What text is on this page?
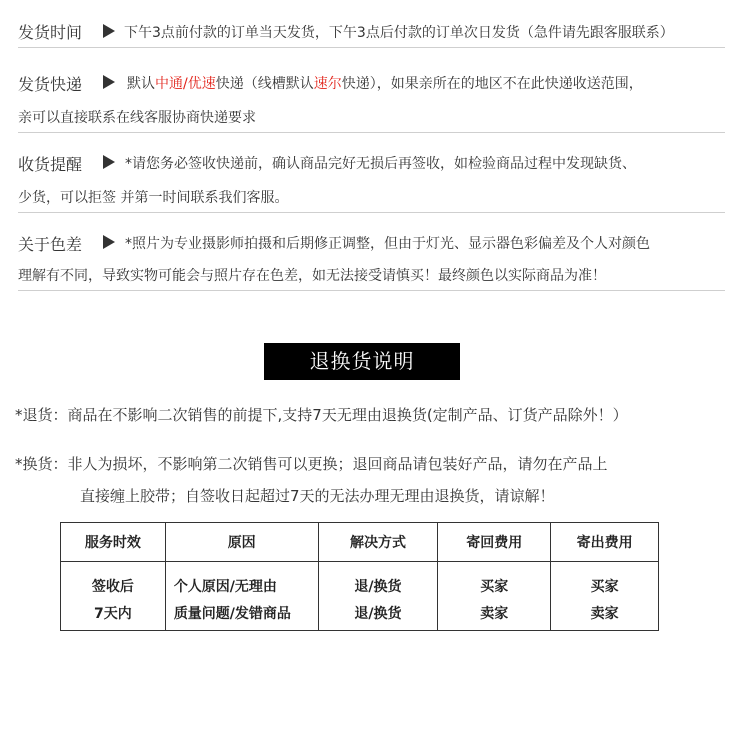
发货时间	下午3点前付款的订单当天发货，下午3点后付款的订单次日发货（急件请先跟客服联系）
发货快递	默认中通/优速快递（线槽默认速尔快递），如果亲所在的地区不在此快递收送范围，
亲可以直接联系在线客服协商快递要求
收货提醒	*请您务必签收快递前，确认商品完好无损后再签收，如检验商品过程中发现缺货、
少货，可以拒签 并第一时间联系我们客服。
关于色差	*照片为专业摄影师拍摄和后期修正调整，但由于灯光、显示器色彩偏差及个人对颜色
理解有不同，导致实物可能会与照片存在色差，如无法接受请慎买！最终颜色以实际商品为准！
退换货说明
*退货：商品在不影响二次销售的前提下,支持7天无理由退换货(定制产品、订货产品除外！）
*换货：非人为损坏，不影响第二次销售可以更换；退回商品请包装好产品，请勿在产品上
直接缠上胶带；自签收日起超过7天的无法办理无理由退换货，请谅解！
服务时效	原因	解决方式	寄回费用	寄出费用
签收后	个人原因/无理由	退/换货	买家	买家
7天内	质量问题/发错商品	退/换货	卖家	卖家
